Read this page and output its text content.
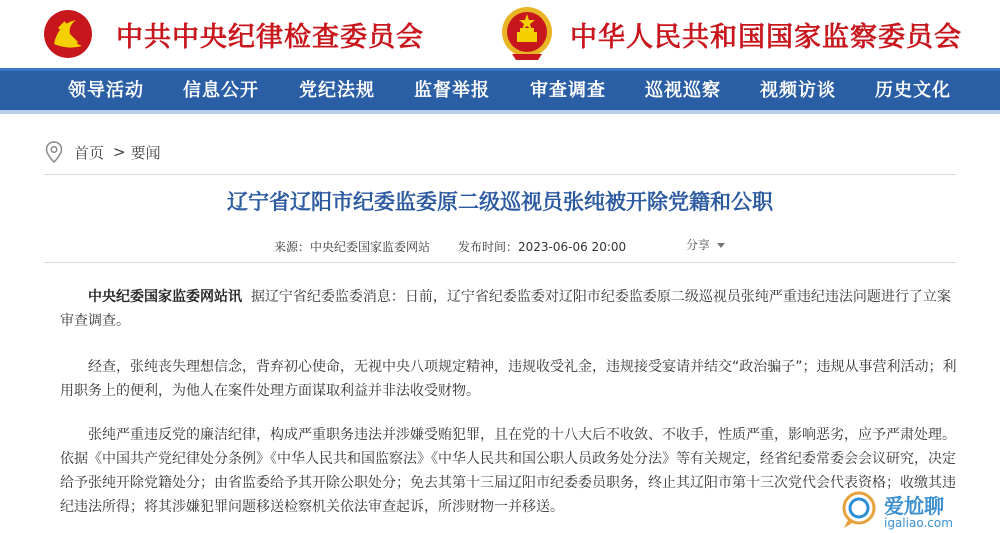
中共中央纪律检查委员会	中华人民共和国国家监察委员会
领导活动 信息公开 党纪法规 监督举报 审查调查 巡视巡察 视频访谈 历史文化
首页 > 要闻
辽宁省辽阳市纪委监委原二级巡视员张纯被开除党籍和公职
来源：中央纪委国家监委网站 发布时间：2023-06-06 20:00	分享

中央纪委国家监委网站讯 据辽宁省纪委监委消息：日前，辽宁省纪委监委对辽阳市纪委监委原二级巡视员张纯严重违纪违法问题进行了立案审查调查。

经查，张纯丧失理想信念，背弃初心使命，无视中央八项规定精神，违规收受礼金，违规接受宴请并结交“政治骗子”；违规从事营利活动；利用职务上的便利，为他人在案件处理方面谋取利益并非法收受财物。

张纯严重违反党的廉洁纪律，构成严重职务违法并涉嫌受贿犯罪，且在党的十八大后不收敛、不收手，性质严重，影响恶劣，应予严肃处理。依据《中国共产党纪律处分条例》《中华人民共和国监察法》《中华人民共和国公职人员政务处分法》等有关规定，经省纪委常委会会议研究，决定给予张纯开除党籍处分；由省监委给予其开除公职处分；免去其第十三届辽阳市纪委委员职务，终止其辽阳市第十三次党代会代表资格；收缴其违纪违法所得；将其涉嫌犯罪问题移送检察机关依法审查起诉，所涉财物一并移送。	爱尬聊
igaliao.com
